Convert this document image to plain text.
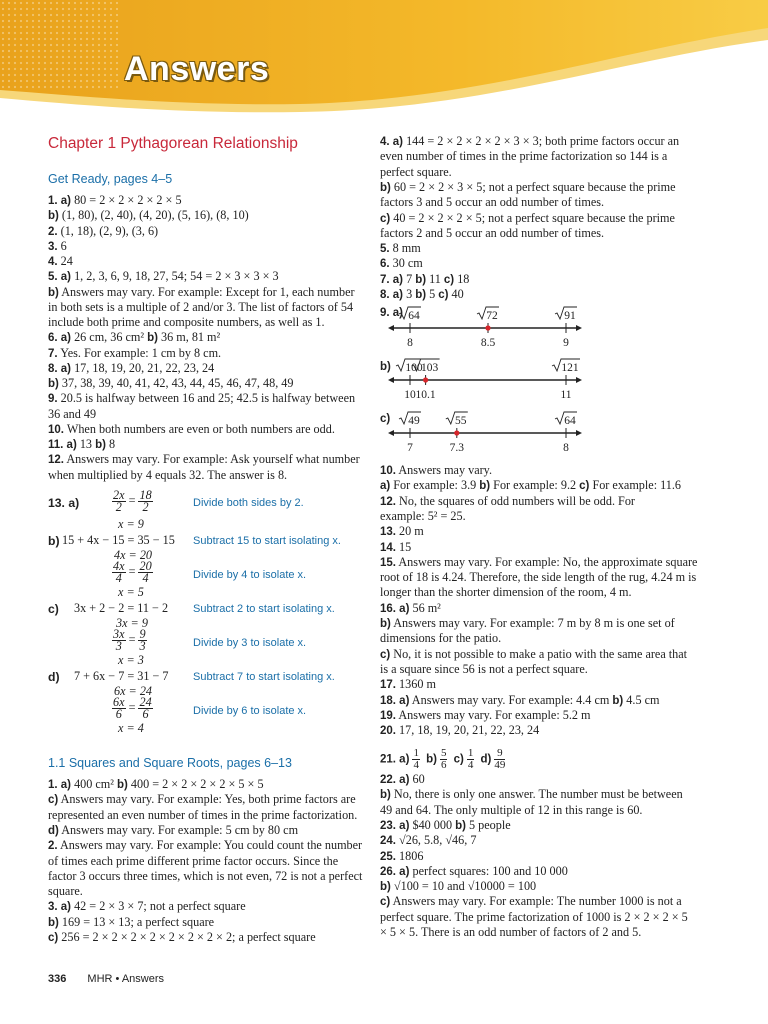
Answers
Chapter 1 Pythagorean Relationship
Get Ready, pages 4–5
1. a) 80 = 2 × 2 × 2 × 2 × 5
b) (1, 80), (2, 40), (4, 20), (5, 16), (8, 10)
2. (1, 18), (2, 9), (3, 6)
3. 6
4. 24
5. a) 1, 2, 3, 6, 9, 18, 27, 54; 54 = 2 × 3 × 3 × 3
b) Answers may vary. For example: Except for 1, each number
in both sets is a multiple of 2 and/or 3. The list of factors of 54
include both prime and composite numbers, as well as 1.
6. a) 26 cm, 36 cm² b) 36 m, 81 m²
7. Yes. For example: 1 cm by 8 cm.
8. a) 17, 18, 19, 20, 21, 22, 23, 24
b) 37, 38, 39, 40, 41, 42, 43, 44, 45, 46, 47, 48, 49
9. 20.5 is halfway between 16 and 25; 42.5 is halfway between
36 and 49
10. When both numbers are even or both numbers are odd.
11. a) 13 b) 8
12. Answers may vary. For example: Ask yourself what number
when multiplied by 4 equals 32. The answer is 8.
13. a)	$\frac{2x}{2} = \frac{18}{2}$	Divide both sides by 2.
x = 9
b) 15 + 4x − 15 = 35 − 15 Subtract 15 to start isolating x.
4x = 20
$\frac{4x}{4} = \frac{20}{4}$	Divide by 4 to isolate x.
x = 5
c) 3x + 2 − 2 = 11 − 2 Subtract 2 to start isolating x.
3x = 9
$\frac{3x}{3} = \frac{9}{3}$	Divide by 3 to isolate x.
x = 3
d) 7 + 6x − 7 = 31 − 7 Subtract 7 to start isolating x.
6x = 24
$\frac{6x}{6} = \frac{24}{6}$	Divide by 6 to isolate x.
x = 4
1.1 Squares and Square Roots, pages 6–13
1. a) 400 cm² b) 400 = 2 × 2 × 2 × 2 × 5 × 5
c) Answers may vary. For example: Yes, both prime factors are
represented an even number of times in the prime factorization.
d) Answers may vary. For example: 5 cm by 80 cm
2. Answers may vary. For example: You could count the number
of times each prime different prime factor occurs. Since the
factor 3 occurs three times, which is not even, 72 is not a perfect
square.
3. a) 42 = 2 × 3 × 7; not a perfect square
b) 169 = 13 × 13; a perfect square
c) 256 = 2 × 2 × 2 × 2 × 2 × 2 × 2 × 2; a perfect square
4. a) 144 = 2 × 2 × 2 × 2 × 3 × 3; both prime factors occur an
even number of times in the prime factorization so 144 is a
perfect square.
b) 60 = 2 × 2 × 3 × 5; not a perfect square because the prime
factors 3 and 5 occur an odd number of times.
c) 40 = 2 × 2 × 2 × 5; not a perfect square because the prime
factors 2 and 5 occur an odd number of times.
5. 8 mm
6. 30 cm
7. a) 7 b) 11 c) 18
8. a) 3 b) 5 c) 40
9. a)
b)
c)
8
64
8.5
72
9
91
10
100
10.1
103
11
121
7
49
7.3
55
8
64
10. Answers may vary.
a) For example: 3.9 b) For example: 9.2 c) For example: 11.6
12. No, the squares of odd numbers will be odd. For
example: 5² = 25.
13. 20 m
14. 15
15. Answers may vary. For example: No, the approximate square
root of 18 is 4.24. Therefore, the side length of the rug, 4.24 m is
longer than the shorter dimension of the room, 4 m.
16. a) 56 m²
b) Answers may vary. For example: 7 m by 8 m is one set of
dimensions for the patio.
c) No, it is not possible to make a patio with the same area that
is a square since 56 is not a perfect square.
17. 1360 m
18. a) Answers may vary. For example: 4.4 cm b) 4.5 cm
19. Answers may vary. For example: 5.2 m
20. 17, 18, 19, 20, 21, 22, 23, 24
21. $a) \frac{1}{4} b) \frac{5}{6} c) \frac{1}{4} d) \frac{9}{49}$
22. a) 60
b) No, there is only one answer. The number must be between
49 and 64. The only multiple of 12 in this range is 60.
23. a) $40 000 b) 5 people
24. √26, 5.8, √46, 7
25. 1806
26. a) perfect squares: 100 and 10 000
b) √100 = 10 and √10000 = 100
c) Answers may vary. For example: The number 1000 is not a
perfect square. The prime factorization of 1000 is 2 × 2 × 2 × 5
× 5 × 5. There is an odd number of factors of 2 and 5.
336 MHR • Answers
